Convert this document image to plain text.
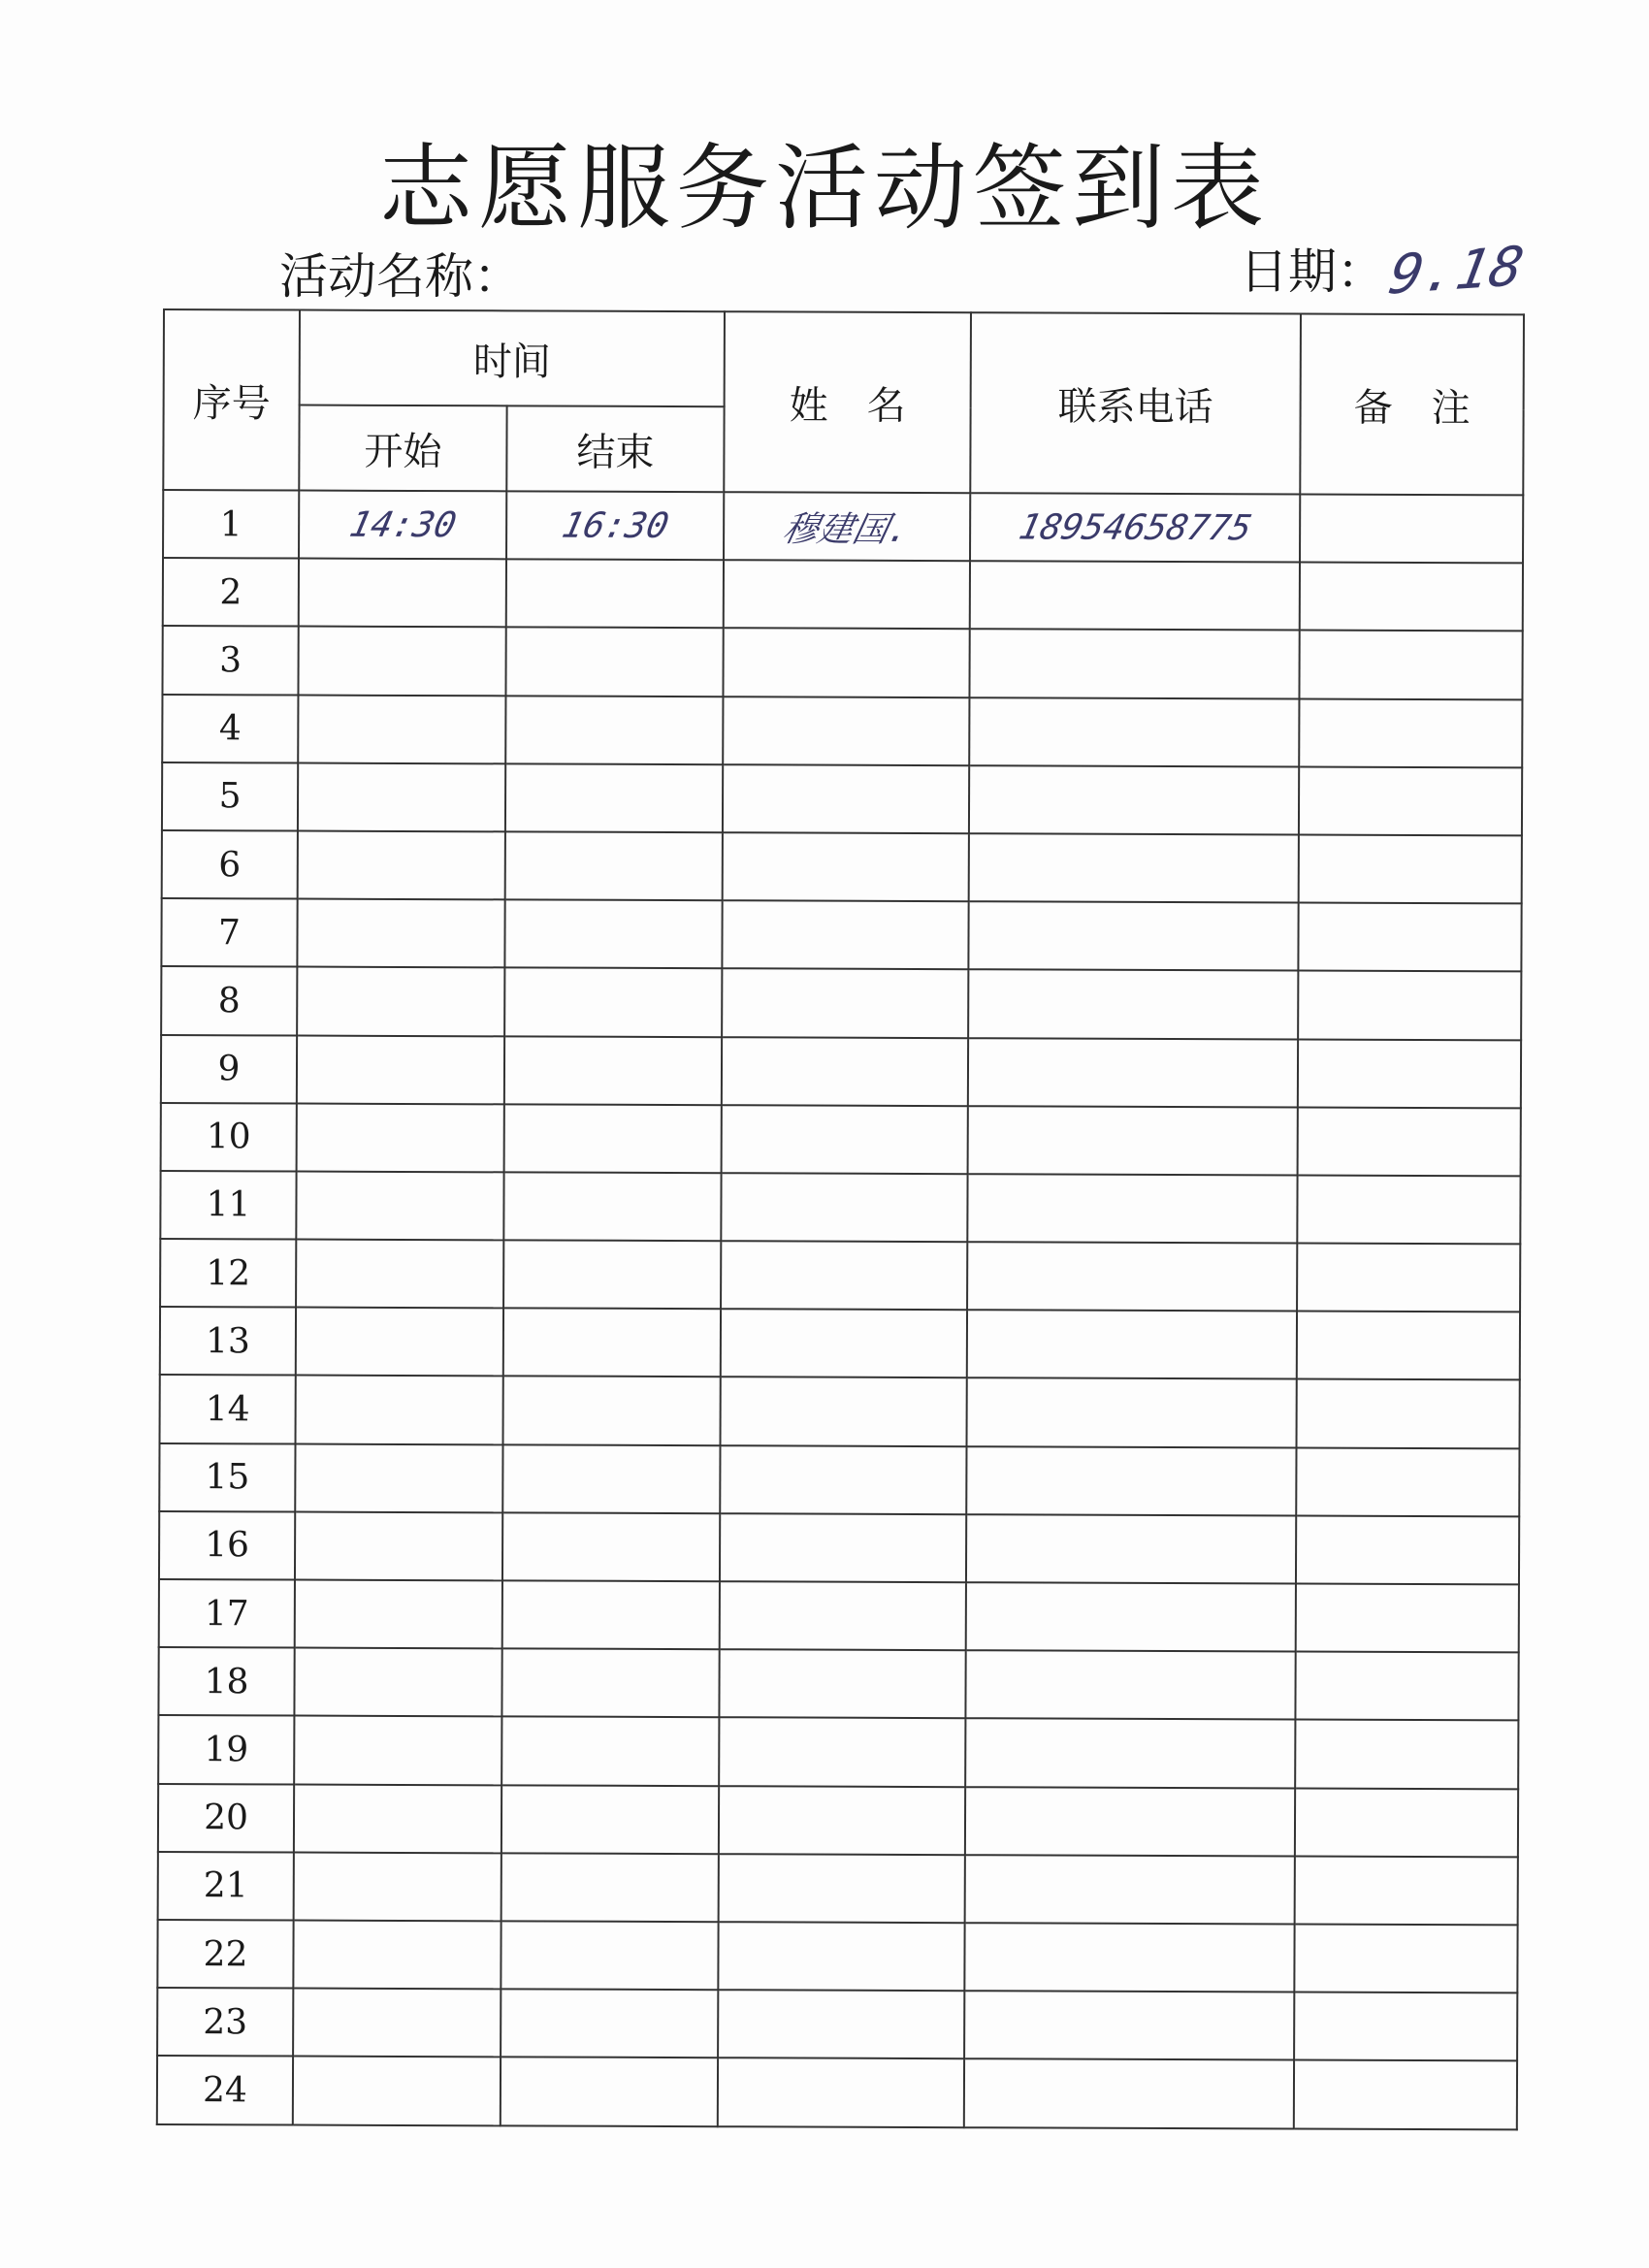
志愿服务活动签到表
活动名称：	日期： 9.18
序号	时间		姓　名	联系电话	备　注
	开始	结束			
1	14:30	16:30	穆建国.	18954658775	
2					
3					
4					
5					
6					
7					
8					
9					
10					
11					
12					
13					
14					
15					
16					
17					
18					
19					
20					
21					
22					
23					
24					
